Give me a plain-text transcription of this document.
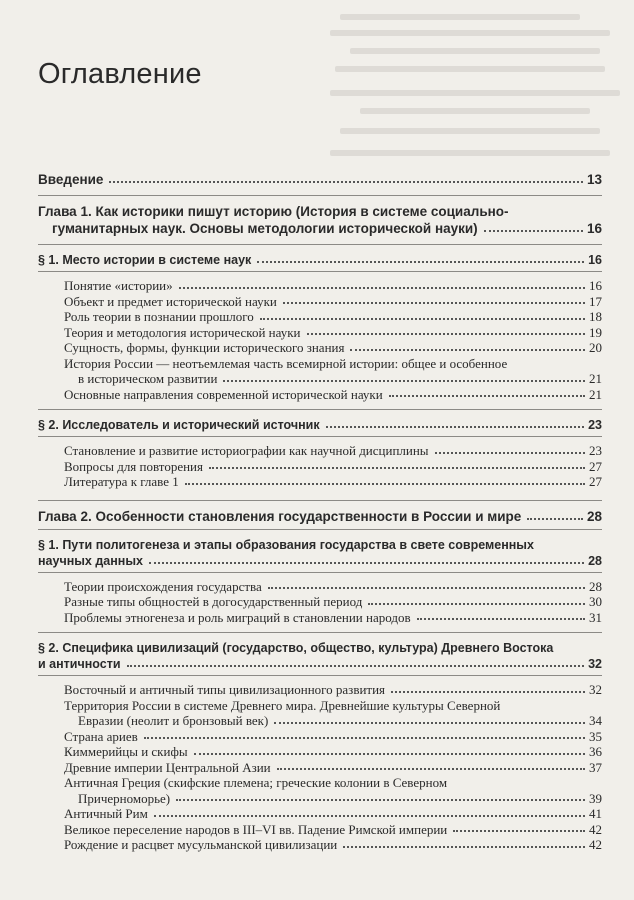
Оглавление
Введение	13
Глава 1. Как историки пишут историю (История в системе социально-
гуманитарных наук. Основы методологии исторической науки)	16
§ 1. Место истории в системе наук	16
Понятие «истории»	16
Объект и предмет исторической науки	17
Роль теории в познании прошлого	18
Теория и методология исторической науки	19
Сущность, формы, функции исторического знания	20
История России — неотъемлемая часть всемирной истории: общее и особенное
в историческом развитии	21
Основные направления современной исторической науки	21
§ 2. Исследователь и исторический источник	23
Становление и развитие историографии как научной дисциплины	23
Вопросы для повторения	27
Литература к главе 1	27
Глава 2. Особенности становления государственности в России и мире	28
§ 1. Пути политогенеза и этапы образования государства в свете современных
научных данных	28
Теории происхождения государства	28
Разные типы общностей в догосударственный период	30
Проблемы этногенеза и роль миграций в становлении народов	31
§ 2. Специфика цивилизаций (государство, общество, культура) Древнего Востока
и античности	32
Восточный и античный типы цивилизационного развития	32
Территория России в системе Древнего мира. Древнейшие культуры Северной
Евразии (неолит и бронзовый век)	34
Страна ариев	35
Киммерийцы и скифы	36
Древние империи Центральной Азии	37
Античная Греция (скифские племена; греческие колонии в Северном
Причерноморье)	39
Античный Рим	41
Великое переселение народов в III–VI вв. Падение Римской империи	42
Рождение и расцвет мусульманской цивилизации	42
